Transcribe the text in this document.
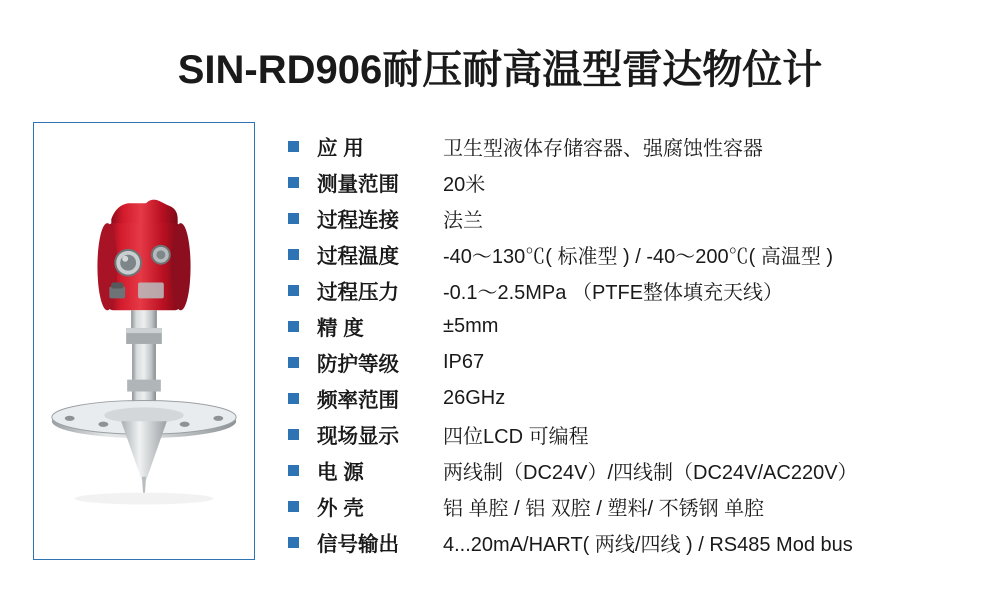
SIN-RD906耐压耐高温型雷达物位计
应 用	卫生型液体存储容器、强腐蚀性容器
测量范围	20米
过程连接	法兰
过程温度	-40～130℃( 标准型 ) / -40～200℃( 高温型 )
过程压力	-0.1～2.5MPa （PTFE整体填充天线）
精 度	±5mm
防护等级	IP67
频率范围	26GHz
现场显示	四位LCD 可编程
电 源	两线制（DC24V）/四线制（DC24V/AC220V）
外 壳	铝 单腔 / 铝 双腔 / 塑料/ 不锈钢 单腔
信号输出	4...20mA/HART( 两线/四线 ) / RS485 Mod bus
